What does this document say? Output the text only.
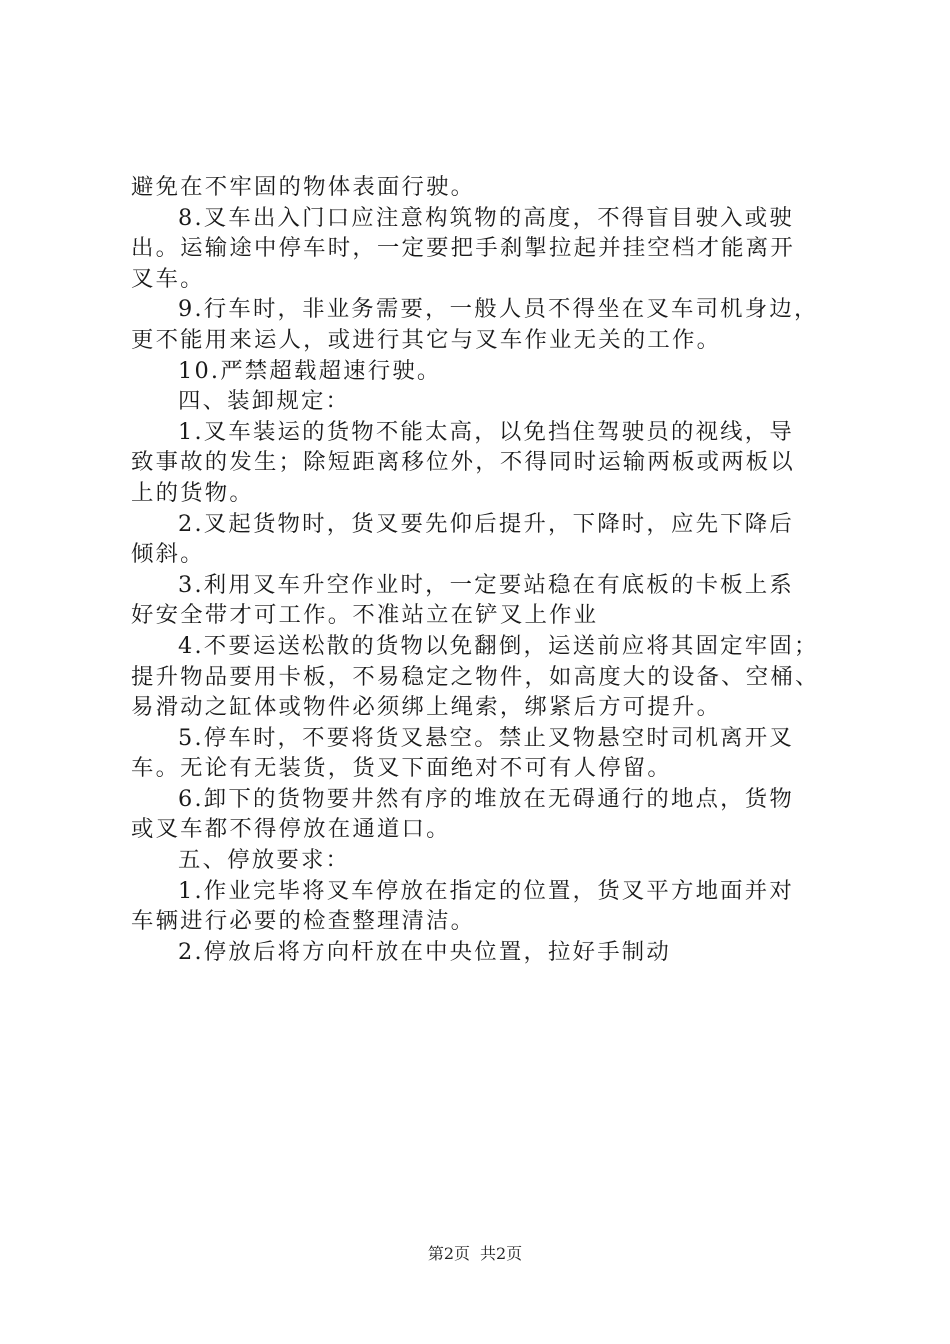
避免在不牢固的物体表面行驶。
8.叉车出入门口应注意构筑物的高度，不得盲目驶入或驶
出。运输途中停车时，一定要把手刹掣拉起并挂空档才能离开
叉车。
9.行车时，非业务需要，一般人员不得坐在叉车司机身边，
更不能用来运人，或进行其它与叉车作业无关的工作。
10.严禁超载超速行驶。
四、装卸规定：
1.叉车装运的货物不能太高，以免挡住驾驶员的视线，导
致事故的发生；除短距离移位外，不得同时运输两板或两板以
上的货物。
2.叉起货物时，货叉要先仰后提升，下降时，应先下降后
倾斜。
3.利用叉车升空作业时，一定要站稳在有底板的卡板上系
好安全带才可工作。不准站立在铲叉上作业
4.不要运送松散的货物以免翻倒，运送前应将其固定牢固；
提升物品要用卡板，不易稳定之物件，如高度大的设备、空桶、
易滑动之缸体或物件必须绑上绳索，绑紧后方可提升。
5.停车时，不要将货叉悬空。禁止叉物悬空时司机离开叉
车。无论有无装货，货叉下面绝对不可有人停留。
6.卸下的货物要井然有序的堆放在无碍通行的地点，货物
或叉车都不得停放在通道口。
五、停放要求：
1.作业完毕将叉车停放在指定的位置，货叉平方地面并对
车辆进行必要的检查整理清洁。
2.停放后将方向杆放在中央位置，拉好手制动
第2页 共2页
